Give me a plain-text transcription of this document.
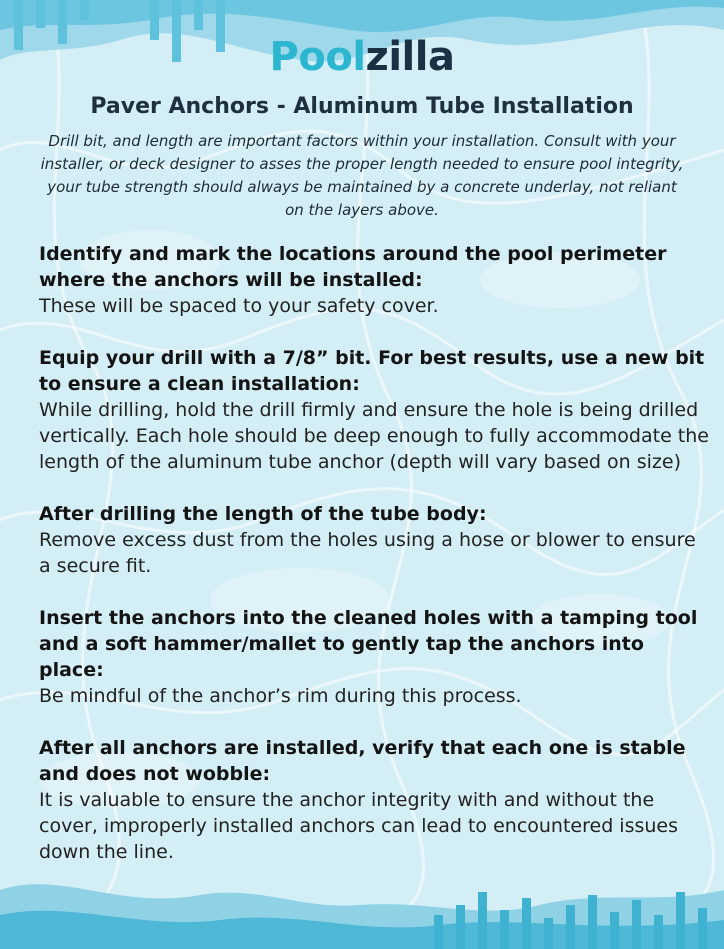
Poolzilla
Paver Anchors - Aluminum Tube Installation
Drill bit, and length are important factors within your installation. Consult with your installer, or deck designer to asses the proper length needed to ensure pool integrity, your tube strength should always be maintained by a concrete underlay, not reliant on the layers above.
Identify and mark the locations around the pool perimeter where the anchors will be installed:
These will be spaced to your safety cover.
Equip your drill with a 7/8” bit. For best results, use a new bit to ensure a clean installation:
While drilling, hold the drill firmly and ensure the hole is being drilled vertically. Each hole should be deep enough to fully accommodate the length of the aluminum tube anchor (depth will vary based on size)
After drilling the length of the tube body:
Remove excess dust from the holes using a hose or blower to ensure a secure fit.
Insert the anchors into the cleaned holes with a tamping tool and a soft hammer/mallet to gently tap the anchors into place:
Be mindful of the anchor’s rim during this process.
After all anchors are installed, verify that each one is stable and does not wobble:
It is valuable to ensure the anchor integrity with and without the cover, improperly installed anchors can lead to encountered issues down the line.
